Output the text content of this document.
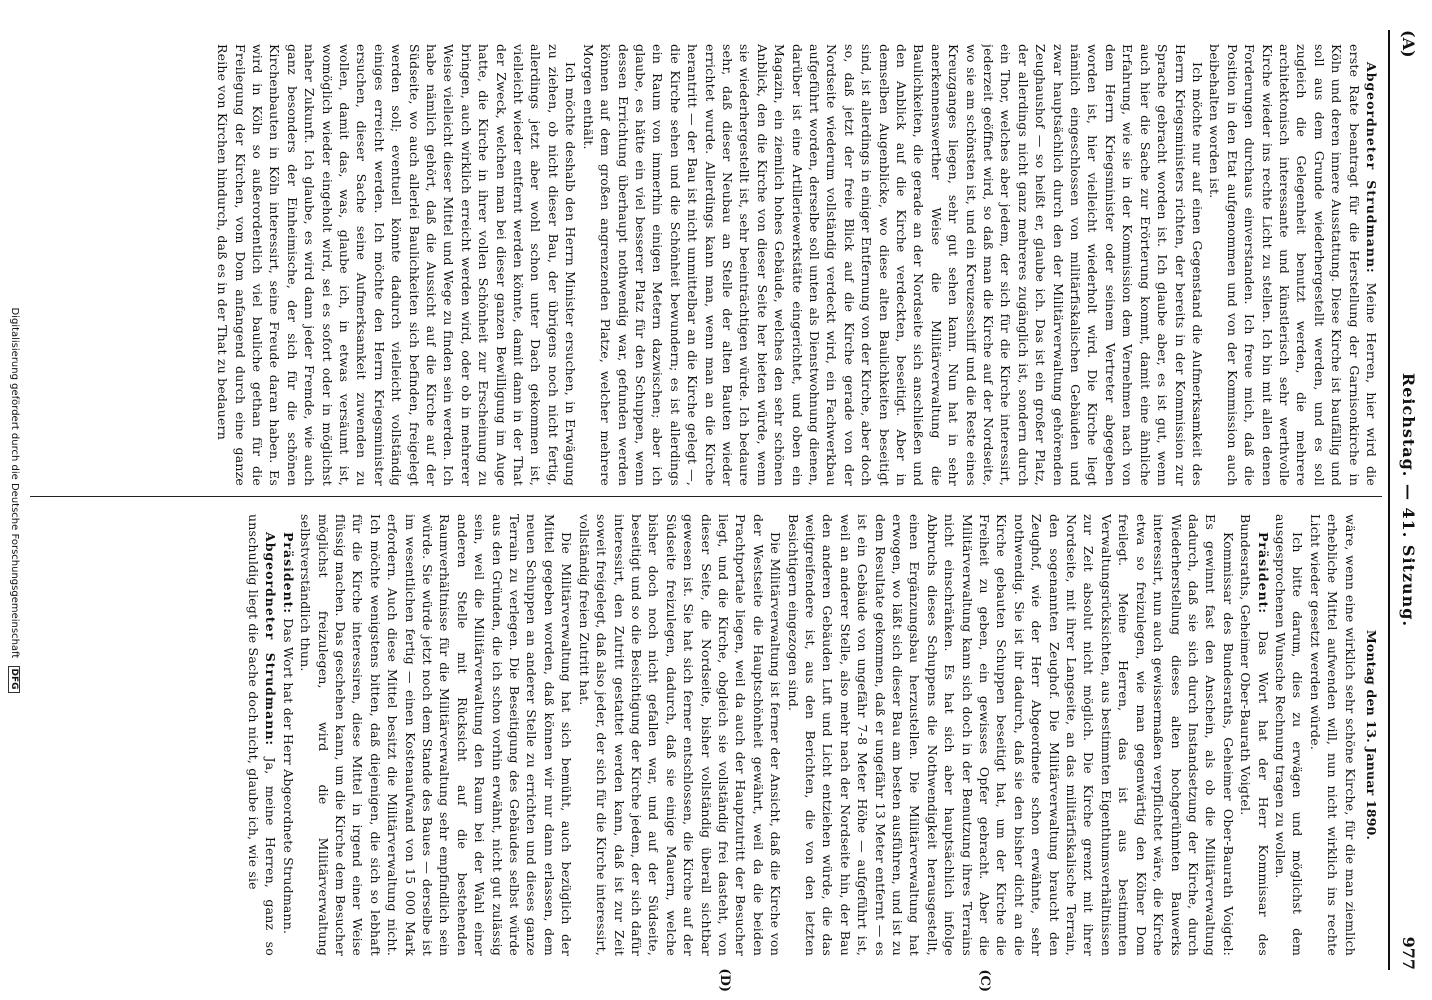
(A)
Reichstag. — 41. Sitzung.
977
(C)
(D)

Abgeordneter Strudmann: Meine Herren, hier wird die erste Rate beantragt für die Herstellung der Garnisonkirche in Köln und deren innere Ausstattung. Diese Kirche ist baufällig und soll aus dem Grunde wiederhergestellt werden, und es soll zugleich die Gelegenheit benutzt werden, die mehrere architektonisch interessante und künstlerisch sehr werthvolle Kirche wieder ins rechte Licht zu stellen. Ich bin mit allen denen Forderungen durchaus einverstanden. Ich freue mich, daß die Position in den Etat aufgenommen und von der Kommission auch beibehalten worden ist.

Ich möchte nur auf einen Gegenstand die Aufmerksamkeit des Herrn Kriegsministers richten, der bereits in der Kommission zur Sprache gebracht worden ist. Ich glaube aber, es ist gut, wenn auch hier die Sache zur Erörterung kommt, damit eine ähnliche Erfahrung, wie sie in der Kommission dem Vernehmen nach von dem Herrn Kriegsminister oder seinem Vertreter abgegeben worden ist, hier vielleicht wiederholt wird. Die Kirche liegt nämlich eingeschlossen von militärfiskalischen Gebäuden und zwar hauptsächlich durch den der Militärverwaltung gehörenden Zeughaushof — so heißt er, glaube ich. Das ist ein großer Platz, der allerdings nicht ganz mehreres zugänglich ist, sondern durch ein Thor, welches aber jedem, der sich für die Kirche interessirt, jederzeit geöffnet wird, so daß man die Kirche auf der Nordseite, wo sie am schönsten ist, und ein Kreuzesschiff und die Reste eines Kreuzganges liegen, sehr gut sehen kann. Nun hat in sehr anerkennenswerther Weise die Militärverwaltung die Baulichkeiten, die gerade an der Nordseite sich anschließen und den Anblick auf die Kirche verdeckten, beseitigt. Aber in demselben Augenblicke, wo diese alten Baulichkeiten beseitigt sind, ist allerdings in einiger Entfernung von der Kirche, aber doch so, daß jetzt der freie Blick auf die Kirche gerade von der Nordseite wiederum vollständig verdeckt wird, ein Fachwerkbau aufgeführt worden, derselbe soll unten als Dienstwohnung dienen, darüber ist eine Artilleriewerkstätte eingerichtet, und oben ein Magazin, ein ziemlich hohes Gebäude, welches den sehr schönen Anblick, den die Kirche von dieser Seite her bieten würde, wenn sie wiederhergestellt ist, sehr beeinträchtigen würde. Ich bedaure sehr, daß dieser Neubau an Stelle der alten Bauten wieder errichtet wurde. Allerdings kann man, wenn man an die Kirche herantritt — der Bau ist nicht unmittelbar an die Kirche gelegt —, die Kirche sehen und die Schönheit bewundern; es ist allerdings ein Raum von immerhin einigen Metern dazwischen; aber ich glaube, es hätte ein viel besserer Platz für den Schuppen, wenn dessen Errichtung überhaupt nothwendig war, gefunden werden können auf dem großen angrenzenden Platze, welcher mehrere Morgen enthält.

Ich möchte deshalb den Herrn Minister ersuchen, in Erwägung zu ziehen, ob nicht dieser Bau, der übrigens noch nicht fertig, allerdings jetzt aber wohl schon unter Dach gekommen ist, vielleicht wieder entfernt werden könnte, damit dann in der That der Zweck, welchen man bei dieser ganzen Bewilligung im Auge hatte, die Kirche in ihrer vollen Schönheit zur Erscheinung zu bringen, auch wirklich erreicht werden wird, oder ob in mehrerer Weise vielleicht dieser Mittel und Wege zu finden sein werden. Ich habe nämlich gehört, daß die Aussicht auf die Kirche auf der Südseite, wo auch allerlei Baulichkeiten sich befinden, freigelegt werden soll; eventuell könnte dadurch vielleicht vollständig einiges erreicht werden. Ich möchte den Herrn Kriegsminister ersuchen, dieser Sache seine Aufmerksamkeit zuwenden zu wollen, damit das, was, glaube ich, in etwas versäumt ist, womöglich wieder eingeholt wird, sei es sofort oder in möglichst naher Zukunft. Ich glaube, es wird dann jeder Fremde, wie auch ganz besonders der Einheimische, der sich für die schönen Kirchenbauten in Köln interessirt, seine Freude daran haben. Es wird in Köln so außerordentlich viel bauliche gethan für die Freilegung der Kirchen, vom Dom anfangend durch eine ganze Reihe von Kirchen hindurch, daß es in der That zu bedauern

Montag den 13. Januar 1890.

wäre, wenn eine wirklich sehr schöne Kirche, für die man ziemlich erhebliche Mittel aufwenden will, nun nicht wirklich ins rechte Licht wieder gesetzt werden würde.

Ich bitte darum, dies zu erwägen und möglichst dem ausgesprochenen Wunsche Rechnung tragen zu wollen.

Präsident: Das Wort hat der Herr Kommissar des Bundesraths, Geheimer Ober-Baurath Voigtel.

Kommissar des Bundesraths, Geheimer Ober-Baurath Voigtel: Es gewinnt fast den Anschein, als ob die Militärverwaltung dadurch, daß sie sich durch Instandsetzung der Kirche, durch Wiederherstellung dieses alten hochgerühmten Bauwerks interessirt, nun auch gewissermaßen verpflichtet wäre, die Kirche etwa so freizulegen, wie man gegenwärtig den Kölner Dom freilegt. Meine Herren, das ist aus bestimmten Verwaltungsrücksichten, aus bestimmten Eigenthumsverhältnissen zur Zeit absolut nicht möglich. Die Kirche grenzt mit ihrer Nordseite, mit ihrer Langseite, an das militärfiskalische Terrain, den sogenannten Zeughof. Die Militärverwaltung braucht den Zeughof, wie der Herr Abgeordnete schon erwähnte, sehr nothwendig. Sie ist ihr dadurch, daß sie den bisher dicht an die Kirche gebauten Schuppen beseitigt hat, um der Kirche die Freiheit zu geben, ein gewisses Opfer gebracht. Aber die Militärverwaltung kann sich doch in der Benutzung ihres Terrains nicht einschränken. Es hat sich aber hauptsächlich infolge Abbruchs dieses Schuppens die Nothwendigkeit herausgestellt, einen Ergänzungsbau herzustellen. Die Militärverwaltung hat erwogen, wo läßt sich dieser Bau am besten ausführen, und ist zu dem Resultate gekommen, daß er ungefähr 13 Meter entfernt — es ist ein Gebäude von ungefähr 7-8 Meter Höhe — aufgeführt ist, weil an anderer Stelle, also mehr nach der Nordseite hin, der Bau den anderen Gebäuden Luft und Licht entziehen würde, die das weitgreifendere ist, aus den Berichten, die von den letzten Besichtigern eingezogen sind.

Die Militärverwaltung ist ferner der Ansicht, daß die Kirche von der Westseite die Hauptschönheit gewährt, weil da die beiden Prachtportale liegen, weil da auch der Hauptzutritt der Besucher liegt, und die Kirche, obgleich sie vollständig frei dasteht, von dieser Seite, die Nordseite, bisher vollständig überall sichtbar gewesen ist. Sie hat sich ferner entschlossen, die Kirche auf der Südseite freizulegen, dadurch, daß sie einige Mauern, welche bisher doch noch nicht gefallen war, und auf der Südseite, beseitigt und so die Besichtigung der Kirche jedem, der sich dafür interessirt, den Zutritt gestattet werden kann, daß ist zur Zeit soweit freigelegt, daß also jeder, der sich für die Kirche interessirt, vollständig freien Zutritt hat.

Die Militärverwaltung hat sich bemüht, auch bezüglich der Mittel gegeben worden, daß können wir nur dann erlassen, dem neuen Schuppen an anderer Stelle zu errichten und dieses ganze Terrain zu verlegen. Die Beseitigung des Gebäudes selbst würde aus den Gründen, die ich schon vorhin erwähnt, nicht gut zulässig sein, weil die Militärverwaltung den Raum bei der Wahl einer anderen Stelle mit Rücksicht auf die bestehenden Raumverhältnisse für die Militärverwaltung sehr empfindlich sein würde. Sie würde jetzt noch dem Stande des Baues — derselbe ist im wesentlichen fertig — einen Kostenaufwand von 15 000 Mark erfordern. Auch diese Mittel besitzt die Militärverwaltung nicht. Ich möchte wenigstens bitten, daß diejenigen, die sich so lebhaft für die Kirche interessiren, diese Mittel in irgend einer Weise flüssig machen. Das geschehen kann, um die Kirche dem Besucher möglichst freizulegen, wird die Militärverwaltung selbstverständlich thun.

Präsident: Das Wort hat der Herr Abgeordnete Strudmann.

Abgeordneter Strudmann: Ja, meine Herren, ganz so unschuldig liegt die Sache doch nicht, glaube ich, wie sie

Digitalisierung gefördert durch die Deutsche Forschungsgemeinschaft DFG
